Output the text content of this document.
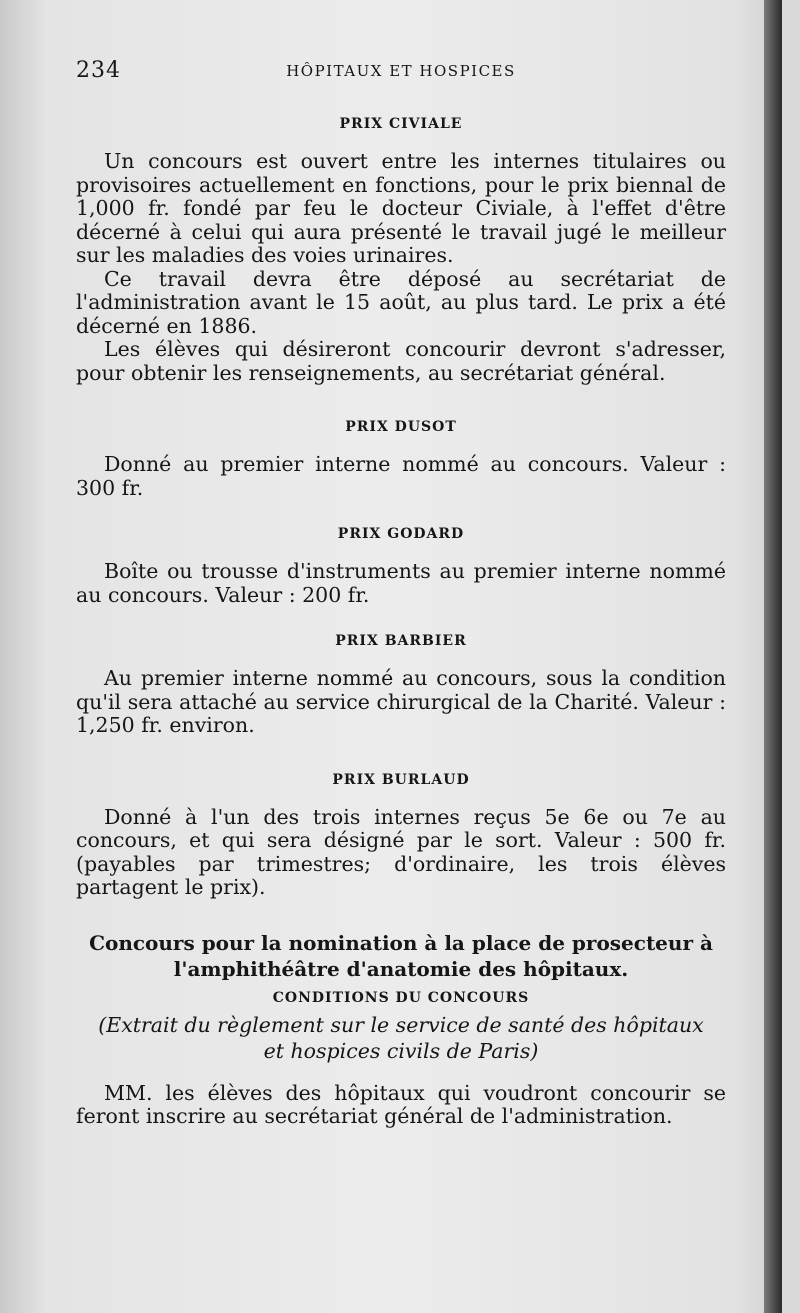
234	HÔPITAUX ET HOSPICES
PRIX CIVIALE

Un concours est ouvert entre les internes titulaires ou provisoires actuellement en fonctions, pour le prix biennal de 1,000 fr. fondé par feu le docteur Civiale, à l'effet d'être décerné à celui qui aura présenté le travail jugé le meilleur sur les maladies des voies urinaires.

Ce travail devra être déposé au secrétariat de l'administration avant le 15 août, au plus tard. Le prix a été décerné en 1886.

Les élèves qui désireront concourir devront s'adresser, pour obtenir les renseignements, au secrétariat général.

PRIX DUSOT

Donné au premier interne nommé au concours. Valeur : 300 fr.

PRIX GODARD

Boîte ou trousse d'instruments au premier interne nommé au concours. Valeur : 200 fr.

PRIX BARBIER

Au premier interne nommé au concours, sous la condition qu'il sera attaché au service chirurgical de la Charité. Valeur : 1,250 fr. environ.

PRIX BURLAUD

Donné à l'un des trois internes reçus 5e 6e ou 7e au concours, et qui sera désigné par le sort. Valeur : 500 fr. (payables par trimestres; d'ordinaire, les trois élèves partagent le prix).

Concours pour la nomination à la place de prosecteur à
l'amphithéâtre d'anatomie des hôpitaux.
CONDITIONS DU CONCOURS
(Extrait du règlement sur le service de santé des hôpitaux
et hospices civils de Paris)

MM. les élèves des hôpitaux qui voudront concourir se feront inscrire au secrétariat général de l'administration.
